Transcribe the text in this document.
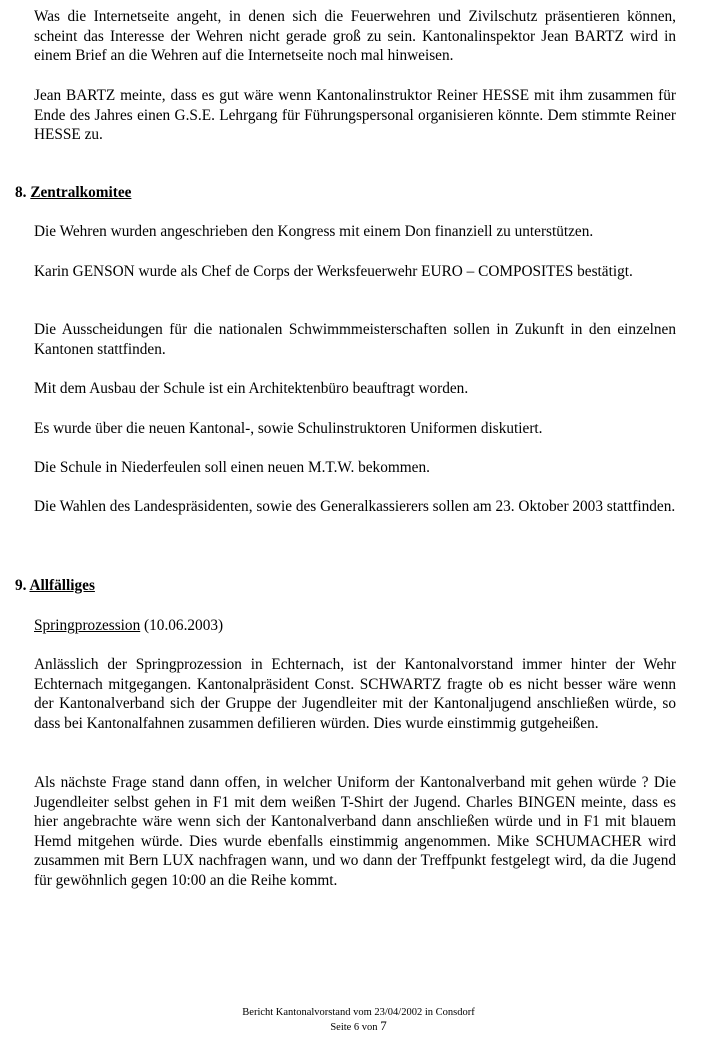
Was die Internetseite angeht, in denen sich die Feuerwehren und Zivilschutz präsentieren können, scheint das Interesse der Wehren nicht gerade groß zu sein. Kantonalinspektor Jean BARTZ wird in einem Brief an die Wehren auf die Internetseite noch mal hinweisen.

Jean BARTZ meinte, dass es gut wäre wenn Kantonalinstruktor Reiner HESSE mit ihm zusammen für Ende des Jahres einen G.S.E. Lehrgang für Führungspersonal organisieren könnte. Dem stimmte Reiner HESSE zu.

8. Zentralkomitee

Die Wehren wurden angeschrieben den Kongress mit einem Don finanziell zu unterstützen.

Karin GENSON wurde als Chef de Corps der Werksfeuerwehr EURO – COMPOSITES bestätigt.

Die Ausscheidungen für die nationalen Schwimmmeisterschaften sollen in Zukunft in den einzelnen Kantonen stattfinden.

Mit dem Ausbau der Schule ist ein Architektenbüro beauftragt worden.

Es wurde über die neuen Kantonal-, sowie Schulinstruktoren Uniformen diskutiert.

Die Schule in Niederfeulen soll einen neuen M.T.W. bekommen.

Die Wahlen des Landespräsidenten, sowie des Generalkassierers sollen am 23. Oktober 2003 stattfinden.

9. Allfälliges

Springprozession (10.06.2003)

Anlässlich der Springprozession in Echternach, ist der Kantonalvorstand immer hinter der Wehr Echternach mitgegangen. Kantonalpräsident Const. SCHWARTZ fragte ob es nicht besser wäre wenn der Kantonalverband sich der Gruppe der Jugendleiter mit der Kantonaljugend anschließen würde, so dass bei Kantonalfahnen zusammen defilieren würden. Dies wurde einstimmig gutgeheißen.

Als nächste Frage stand dann offen, in welcher Uniform der Kantonalverband mit gehen würde ? Die Jugendleiter selbst gehen in F1 mit dem weißen T-Shirt der Jugend. Charles BINGEN meinte, dass es hier angebrachte wäre wenn sich der Kantonalverband dann anschließen würde und in F1 mit blauem Hemd mitgehen würde. Dies wurde ebenfalls einstimmig angenommen. Mike SCHUMACHER wird zusammen mit Bern LUX nachfragen wann, und wo dann der Treffpunkt festgelegt wird, da die Jugend für gewöhnlich gegen 10:00 an die Reihe kommt.

Bericht Kantonalvorstand vom 23/04/2002 in Consdorf
Seite 6 von 7
